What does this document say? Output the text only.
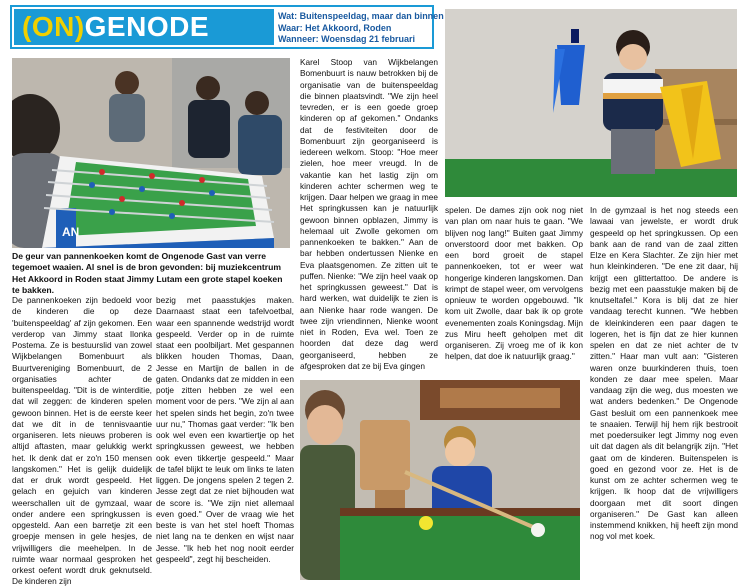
(ON)GENODE	Wat: Buitenspeeldag, maar dan binnen
Waar: Het Akkoord, Roden
Wanneer: Woensdag 21 februari
AN
De geur van pannenkoeken komt de Ongenode Gast van verre tegemoet waaien. Al snel is de bron gevonden: bij muziekcentrum Het Akkoord in Roden staat Jimmy Lutam een grote stapel koeken te bakken.

De pannenkoeken zijn bedoeld voor de kinderen die op deze 'buitenspeeldag' af zijn gekomen. Een verderop van Jimmy staat Ilonka Postema. Ze is bestuurslid van zowel Wijkbelangen Bomenbuurt als Buurtvereniging Bomenbuurt, de 2 organisaties achter de buitenspeeldag. "Dit is de winterditie, dat wil zeggen: de kinderen spelen gewoon binnen. Het is de eerste keer dat we dit in de tennisvaantie organiseren. Iets nieuws proberen is altijd aftasten, maar gelukkig werkt het. Ik denk dat er zo'n 150 mensen langskomen." Het is gelijk duidelijk dat er druk wordt gespeeld. Het gelach en gejuich van kinderen weerschallen uit de gymzaal, waar onder andere een springkussen is opgesteld. Aan een barretje zit een groepje mensen in gele hesjes, de vrijwilligers die meehelpen. In de ruimte waar normaal gesproken het orkest oefent wordt druk geknutseld. De kinderen zijn

bezig met paasstukjes maken. Daarnaast staat een tafelvoetbal, waar een spannende wedstrijd wordt gespeeld. Verder op in de ruimte staat een poolbiljart. Met gespannen blikken houden Thomas, Daan, Jesse en Martijn de ballen in de gaten. Ondanks dat ze midden in een potje zitten hebben ze wel een moment voor de pers. "We zijn al aan het spelen sinds het begin, zo'n twee uur nu," Thomas gaat verder: "Ik ben ook wel even een kwartiertje op het springkussen geweest, we hebben ook even tikkertje gespeeld." Maar de tafel blijkt te leuk om links te laten liggen. De jongens spelen 2 tegen 2. Jesse zegt dat ze niet bijhouden wat de score is. "We zijn niet allemaal even goed." Over de vraag wie het beste is van het stel hoeft Thomas niet lang na te denken en wijst naar Jesse. "Ik heb het nog nooit eerder gespeeld", zegt hij bescheiden.

Karel Stoop van Wijkbelangen Bomenbuurt is nauw betrokken bij de organisatie van de buitenspeeldag die binnen plaatsvindt. "We zijn heel tevreden, er is een goede groep kinderen op af gekomen." Ondanks dat de festiviteiten door de Bomenbuurt zijn georganiseerd is iedereen welkom. Stoop: "Hoe meer zielen, hoe meer vreugd. In de vakantie kan het lastig zijn om kinderen achter schermen weg te krijgen. Daar helpen we graag in mee Het springkussen kan je natuurlijk gewoon binnen opblazen, Jimmy is helemaal uit Zwolle gekomen om pannenkoeken te bakken." Aan de bar hebben ondertussen Nienke en Eva plaatsgenomen. Ze zitten uit te puffen. Nienke: "We zijn heel vaak op het springkussen geweest." Dat is hard werken, wat duidelijk te zien is aan Nienke haar rode wangen. De twee zijn vriendinnen, Nienke woont niet in Roden, Eva wel. Toen ze hoorden dat deze dag werd georganiseerd, hebben ze afgesproken dat ze bij Eva gingen

spelen. De dames zijn ook nog niet van plan om naar huis te gaan. "We blijven nog lang!" Buiten gaat Jimmy onverstoord door met bakken. Op een bord groeit de stapel pannenkoeken, tot er weer wat hongerige kinderen langskomen. Dan krimpt de stapel weer, om vervolgens opnieuw te worden opgebouwd. "Ik kom uit Zwolle, daar bak ik op grote evenementen zoals Koningsdag. Mijn zus Miru heeft geholpen met dit organiseren. Zij vroeg me of ik kon helpen, dat doe ik natuurlijk graag."

In de gymzaal is het nog steeds een lawaai van jewelste, er wordt druk gespeeld op het springkussen. Op een bank aan de rand van de zaal zitten Elze en Kera Slachter. Ze zijn hier met hun kleinkinderen. "De ene zit daar, hij krijgt een glittertattoo. De andere is bezig met een paasstukje maken bij de knutseltafel." Kora is blij dat ze hier vandaag terecht kunnen. "We hebben de kleinkinderen een paar dagen te logeren, het is fijn dat ze hier kunnen spelen en dat ze niet achter de tv zitten." Haar man vult aan: "Gisteren waren onze buurkinderen thuis, toen konden ze daar mee spelen. Maar vandaag zijn die weg, dus moesten we wat anders bedenken." De Ongenode Gast besluit om een pannenkoek mee te snaaien. Terwijl hij hem rijk bestrooit met poedersuiker legt Jimmy nog even uit dat dagen als dit belangrijk zijn. "Het gaat om de kinderen. Buitenspelen is goed en gezond voor ze. Het is de kunst om ze achter schermen weg te krijgen. Ik hoop dat de vrijwilligers doorgaan met dit soort dingen organiseren." De Gast kan alleen instemmend knikken, hij heeft zijn mond nog vol met koek.
